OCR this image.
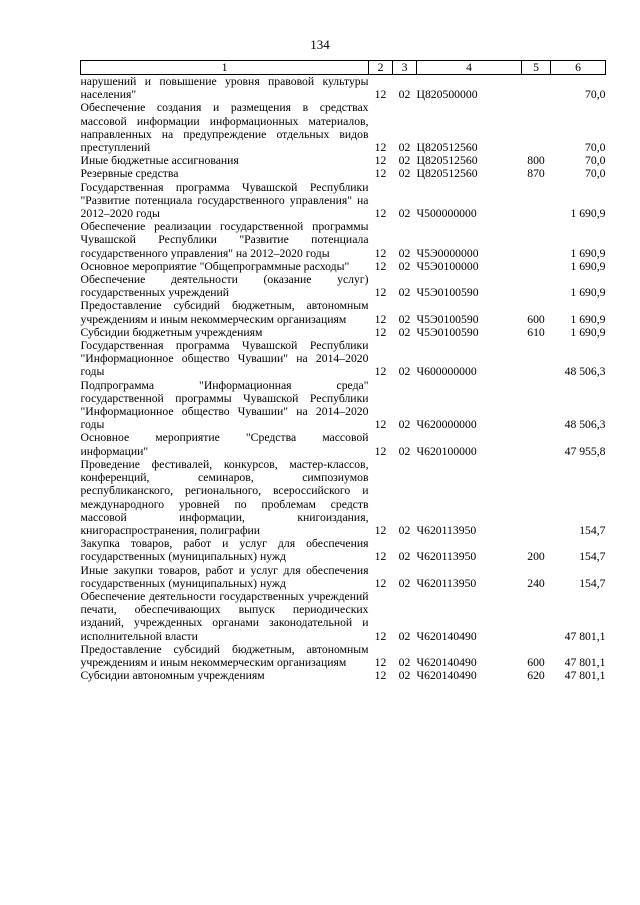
134
1	2	3	4	5	6
нарушений и повышение уровня правовой культуры населения"	12	02	Ц820500000		70,0
Обеспечение создания и размещения в средствах массовой информации информационных материалов, направленных на предупреждение отдельных видов преступлений	12	02	Ц820512560		70,0
Иные бюджетные ассигнования	12	02	Ц820512560	800	70,0
Резервные средства	12	02	Ц820512560	870	70,0
Государственная программа Чувашской Республики "Развитие потенциала государственного управления" на 2012–2020 годы	12	02	Ч500000000		1 690,9
Обеспечение реализации государственной программы Чувашской Республики "Развитие потенциала государственного управления" на 2012–2020 годы	12	02	Ч5Э0000000		1 690,9
Основное мероприятие "Общепрограммные расходы"	12	02	Ч5Э0100000		1 690,9
Обеспечение деятельности (оказание услуг) государственных учреждений	12	02	Ч5Э0100590		1 690,9
Предоставление субсидий бюджетным, автономным учреждениям и иным некоммерческим организациям	12	02	Ч5Э0100590	600	1 690,9
Субсидии бюджетным учреждениям	12	02	Ч5Э0100590	610	1 690,9
Государственная программа Чувашской Республики "Информационное общество Чувашии" на 2014–2020 годы	12	02	Ч600000000		48 506,3
Подпрограмма "Информационная среда" государственной программы Чувашской Республики "Информационное общество Чувашии" на 2014–2020 годы	12	02	Ч620000000		48 506,3
Основное мероприятие "Средства массовой информации"	12	02	Ч620100000		47 955,8
Проведение фестивалей, конкурсов, мастер-классов, конференций, семинаров, симпозиумов республиканского, регионального, всероссийского и международного уровней по проблемам средств массовой информации, книгоиздания, книгораспространения, полиграфии	12	02	Ч620113950		154,7
Закупка товаров, работ и услуг для обеспечения государственных (муниципальных) нужд	12	02	Ч620113950	200	154,7
Иные закупки товаров, работ и услуг для обеспечения государственных (муниципальных) нужд	12	02	Ч620113950	240	154,7
Обеспечение деятельности государственных учреждений печати, обеспечивающих выпуск периодических изданий, учрежденных органами законодательной и исполнительной власти	12	02	Ч620140490		47 801,1
Предоставление субсидий бюджетным, автономным учреждениям и иным некоммерческим организациям	12	02	Ч620140490	600	47 801,1
Субсидии автономным учреждениям	12	02	Ч620140490	620	47 801,1
